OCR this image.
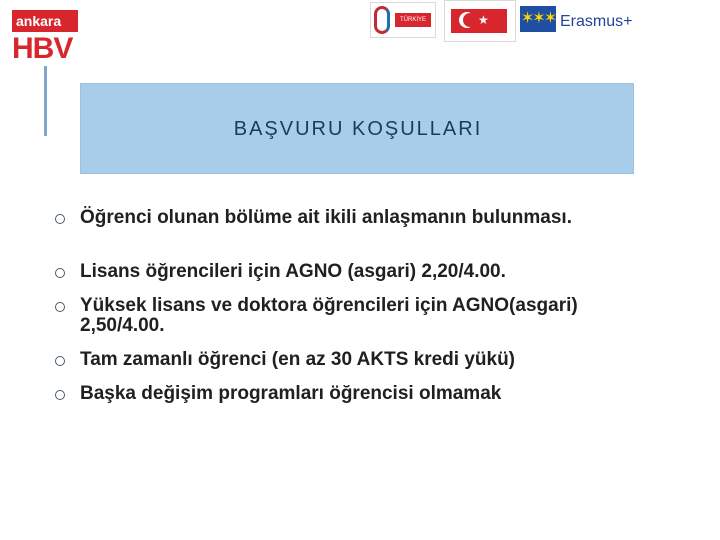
ankara
HBV
TÜRKİYE ULUSAL AJANSI
★ ✶✶✶ Erasmus+
BAŞVURU KOŞULLARI
Öğrenci olunan bölüme ait ikili anlaşmanın bulunması.
Lisans öğrencileri için AGNO (asgari) 2,20/4.00.
Yüksek lisans ve doktora öğrencileri için AGNO(asgari) 2,50/4.00.
Tam zamanlı öğrenci (en az 30 AKTS kredi yükü)
Başka değişim programları öğrencisi olmamak
